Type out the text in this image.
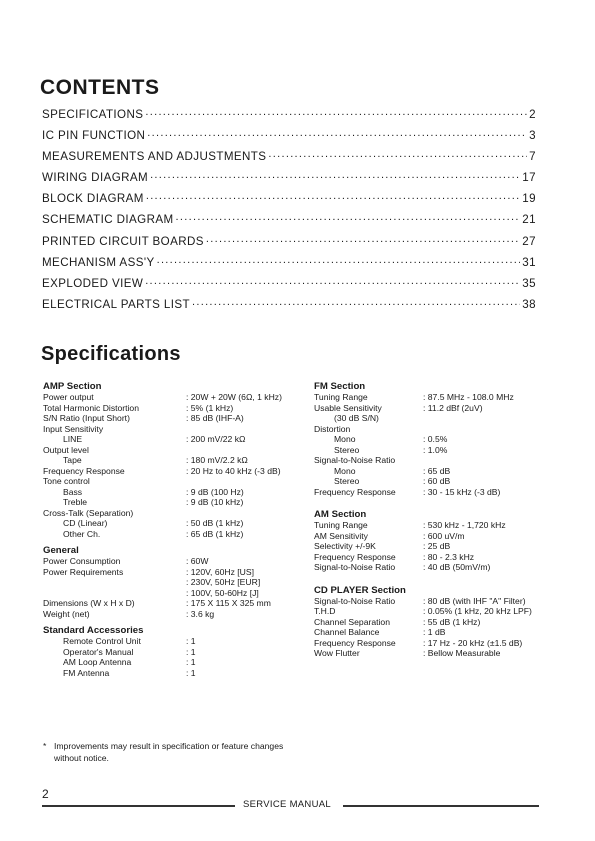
CONTENTS
SPECIFICATIONS .....	2
IC PIN FUNCTION .....	3
MEASUREMENTS AND ADJUSTMENTS .....	7
WIRING DIAGRAM .....	17
BLOCK DIAGRAM .....	19
SCHEMATIC DIAGRAM .....	21
PRINTED CIRCUIT BOARDS .....	27
MECHANISM ASS'Y .....	31
EXPLODED VIEW .....	35
ELECTRICAL PARTS LIST .....	38
Specifications
AMP Section
Power output	: 20W + 20W (6Ω, 1 kHz)
Total Harmonic Distortion	: 5% (1 kHz)
S/N Ratio (Input Short)	: 85 dB (IHF-A)
Input Sensitivity
LINE	: 200 mV/22 kΩ
Output level
Tape	: 180 mV/2.2 kΩ
Frequency Response	: 20 Hz to 40 kHz (-3 dB)
Tone control
Bass	: 9 dB (100 Hz)
Treble	: 9 dB (10 kHz)
Cross-Talk (Separation)
CD (Linear)	: 50 dB (1 kHz)
Other Ch.	: 65 dB (1 kHz)
General
Power Consumption	: 60W
Power Requirements	: 120V, 60Hz [US]
: 230V, 50Hz [EUR]
: 100V, 50-60Hz [J]
Dimensions (W x H x D)	: 175 X 115 X 325 mm
Weight (net)	: 3.6 kg
Standard Accessories
Remote Control Unit	: 1
Operator's Manual	: 1
AM Loop Antenna	: 1
FM Antenna	: 1
FM Section
Tuning Range	: 87.5 MHz - 108.0 MHz
Usable Sensitivity	: 11.2 dBf (2uV)
(30 dB S/N)
Distortion
Mono	: 0.5%
Stereo	: 1.0%
Signal-to-Noise Ratio
Mono	: 65 dB
Stereo	: 60 dB
Frequency Response	: 30 - 15 kHz (-3 dB)
AM Section
Tuning Range	: 530 kHz - 1,720 kHz
AM Sensitivity	: 600 uV/m
Selectivity +/-9K	: 25 dB
Frequency Response	: 80 - 2.3 kHz
Signal-to-Noise Ratio	: 40 dB (50mV/m)
CD PLAYER Section
Signal-to-Noise Ratio	: 80 dB (with IHF "A" Filter)
T.H.D	: 0.05% (1 kHz, 20 kHz LPF)
Channel Separation	: 55 dB (1 kHz)
Channel Balance	: 1 dB
Frequency Response	: 17 Hz - 20 kHz (±1.5 dB)
Wow Flutter	: Bellow Measurable
* Improvements may result in specification or feature changes without notice.
2
SERVICE MANUAL
